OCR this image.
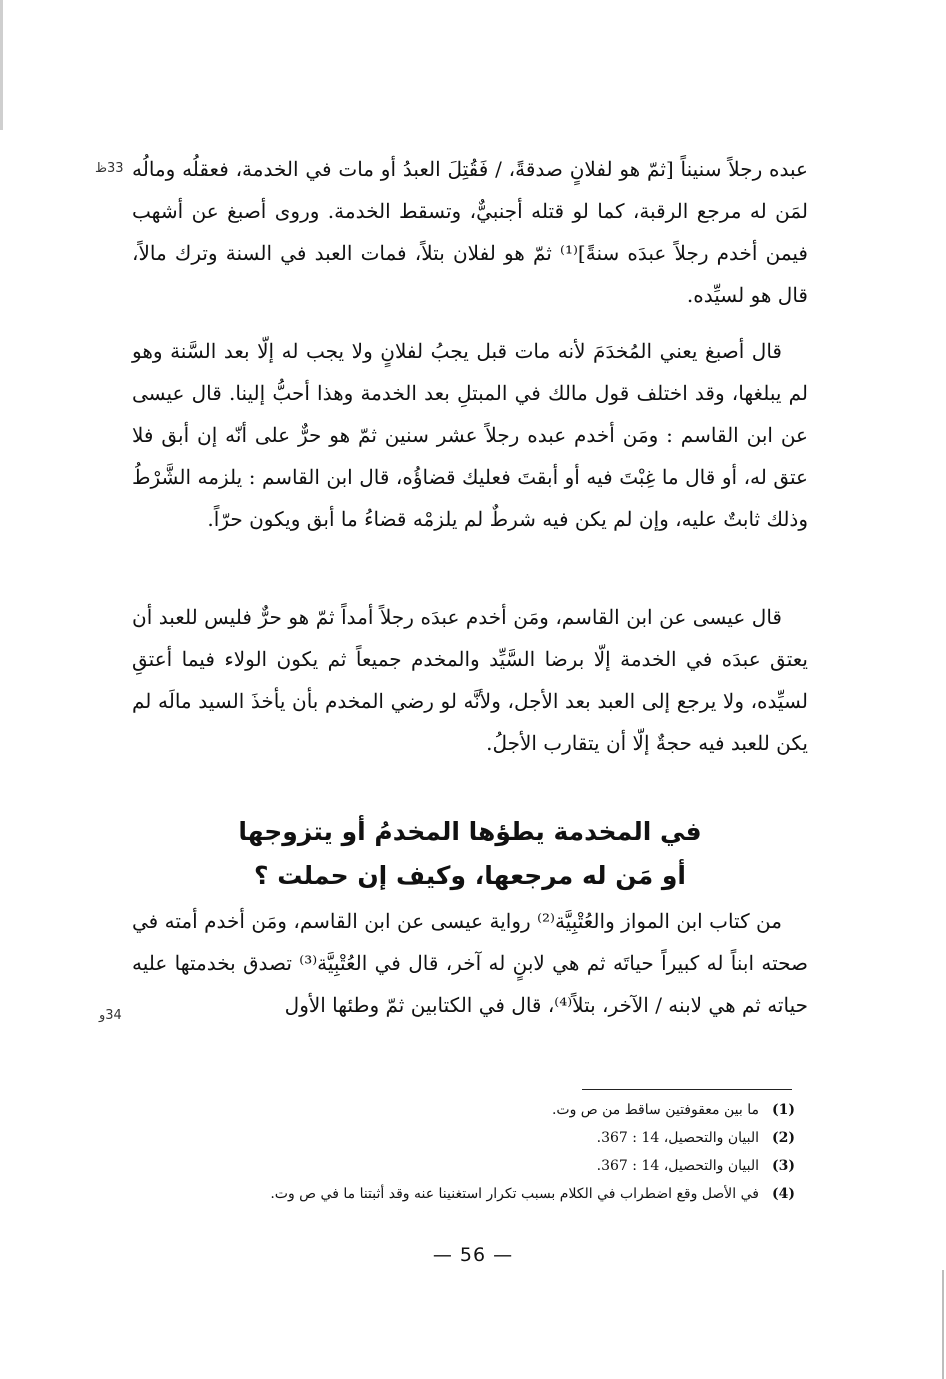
33ظ
34و

عبده رجلاً سنيناً [ثمّ هو لفلانٍ صدقةً، / فَقُتِلَ العبدُ أو مات في الخدمة، فعقلُه ومالُه لمَن له مرجع الرقبة، كما لو قتله أجنبيٌّ، وتسقط الخدمة. وروى أصبغ عن أشهب فيمن أخدم رجلاً عبدَه سنةً]⁽¹⁾ ثمّ هو لفلان بتلاً، فمات العبد في السنة وترك مالاً، قال هو لسيِّده.

قال أصبغ يعني المُخدَمَ لأنه مات قبل يجبُ لفلانٍ ولا يجب له إلّا بعد السَّنة وهو لم يبلغها، وقد اختلف قول مالك في المبتلِ بعد الخدمة وهذا أحبُّ إلينا. قال عيسى عن ابن القاسم : ومَن أخدم عبده رجلاً عشر سنين ثمّ هو حرٌّ على أنّه إن أبق فلا عتق له، أو قال ما غِبْتَ فيه أو أبقتَ فعليك قضاؤُه، قال ابن القاسم : يلزمه الشَّرْطُ وذلك ثابتٌ عليه، وإن لم يكن فيه شرطٌ لم يلزمْه قضاءُ ما أبق ويكون حرّاً.

قال عيسى عن ابن القاسم، ومَن أخدم عبدَه رجلاً أمداً ثمّ هو حرٌّ فليس للعبد أن يعتق عبدَه في الخدمة إلّا برضا السَّيِّد والمخدم جميعاً ثم يكون الولاء فيما أعتقِ لسيِّده، ولا يرجع إلى العبد بعد الأجل، ولأنَّه لو رضي المخدم بأن يأخذَ السيد مالَه لم يكن للعبد فيه حجةٌ إلّا أن يتقارب الأجلُ.

في المخدمة يطؤها المخدمُ أو يتزوجها
أو مَن له مرجعها، وكيف إن حملت ؟

من كتاب ابن المواز والعُتْبِيَّة⁽²⁾ رواية عيسى عن ابن القاسم، ومَن أخدم أمته في صحته ابناً له كبيراً حياتَه ثم هي لابنٍ له آخر، قال في العُتْبِيَّة⁽³⁾ تصدق بخدمتها عليه حياته ثم هي لابنه / الآخر، بتلاً⁽⁴⁾، قال في الكتابين ثمّ وطئها الأول

(1)
ما بين معقوفتين ساقط من ص وت.
(2)
البيان والتحصيل، 14 : 367.
(3)
البيان والتحصيل، 14 : 367.
(4)
في الأصل وقع اضطراب في الكلام بسبب تكرار استغنينا عنه وقد أثبتنا ما في ص وت.
— 56 —
